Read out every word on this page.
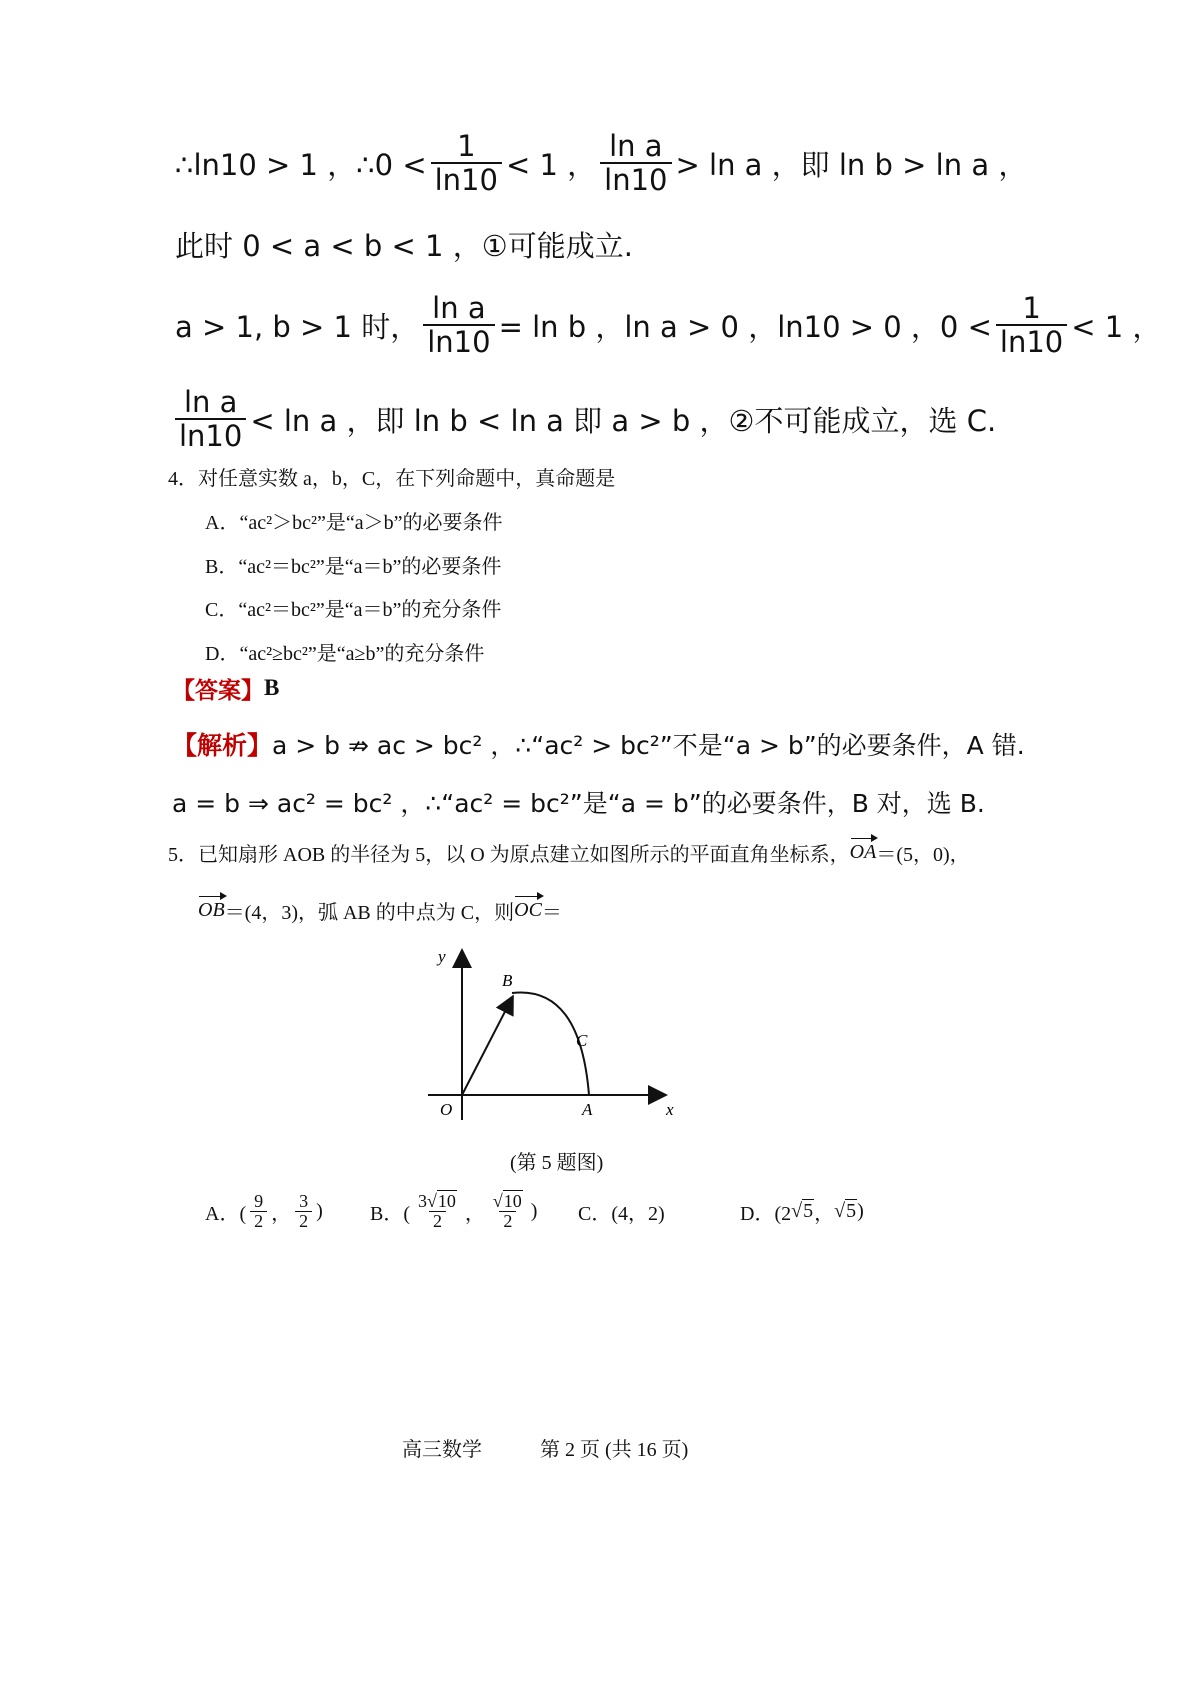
∴ln10 > 1 ，∴0 < $\frac{1}{\ln 10} < 1$ ， $\frac{\text{ln a}}{\ln 10} > \ln a$ ，即 ln b > ln a ，
此时 0 < a < b < 1 ，①可能成立.
a > 1, b > 1 时， $\frac{\text{ln a}}{\ln 10} = \ln b$ ，ln a > 0 ，ln10 > 0 ，$0 < \frac{1}{\ln 10} < 1$ ，
$\frac{\text{ln a}}{\ln 10} < \ln a$ ，即 ln b < ln a 即 a > b ，②不可能成立，选 C.
4．对任意实数 a，b，C，在下列命题中，真命题是
A．“ac²＞bc²”是“a＞b”的必要条件
B．“ac²＝bc²”是“a＝b”的必要条件
C．“ac²＝bc²”是“a＝b”的充分条件
D．“ac²≥bc²”是“a≥b”的充分条件
【答案】 B
【解析】 a > b ⇏ ac > bc² ，∴“ac² > bc²”不是“a > b”的必要条件，A 错.
a = b ⇒ ac² = bc² ，∴“ac² = bc²”是“a = b”的必要条件，B 对，选 B.
5．已知扇形 AOB 的半径为 5，以 O 为原点建立如图所示的平面直角坐标系， OA ＝(5，0)，
OB ＝(4，3)，弧 AB 的中点为 C，则 OC ＝
y
x
O	A
B
C
(第 5 题图)
A．( $\frac{9}{2}$ ， $\frac{3}{2}$ ) B．( $\frac{3√10}{2}$ ， $\frac{√10}{2}$ ) C．(4，2)	D．(2 √ 5 ， √ 5 )
高三数学	第 2 页 (共 16 页)
